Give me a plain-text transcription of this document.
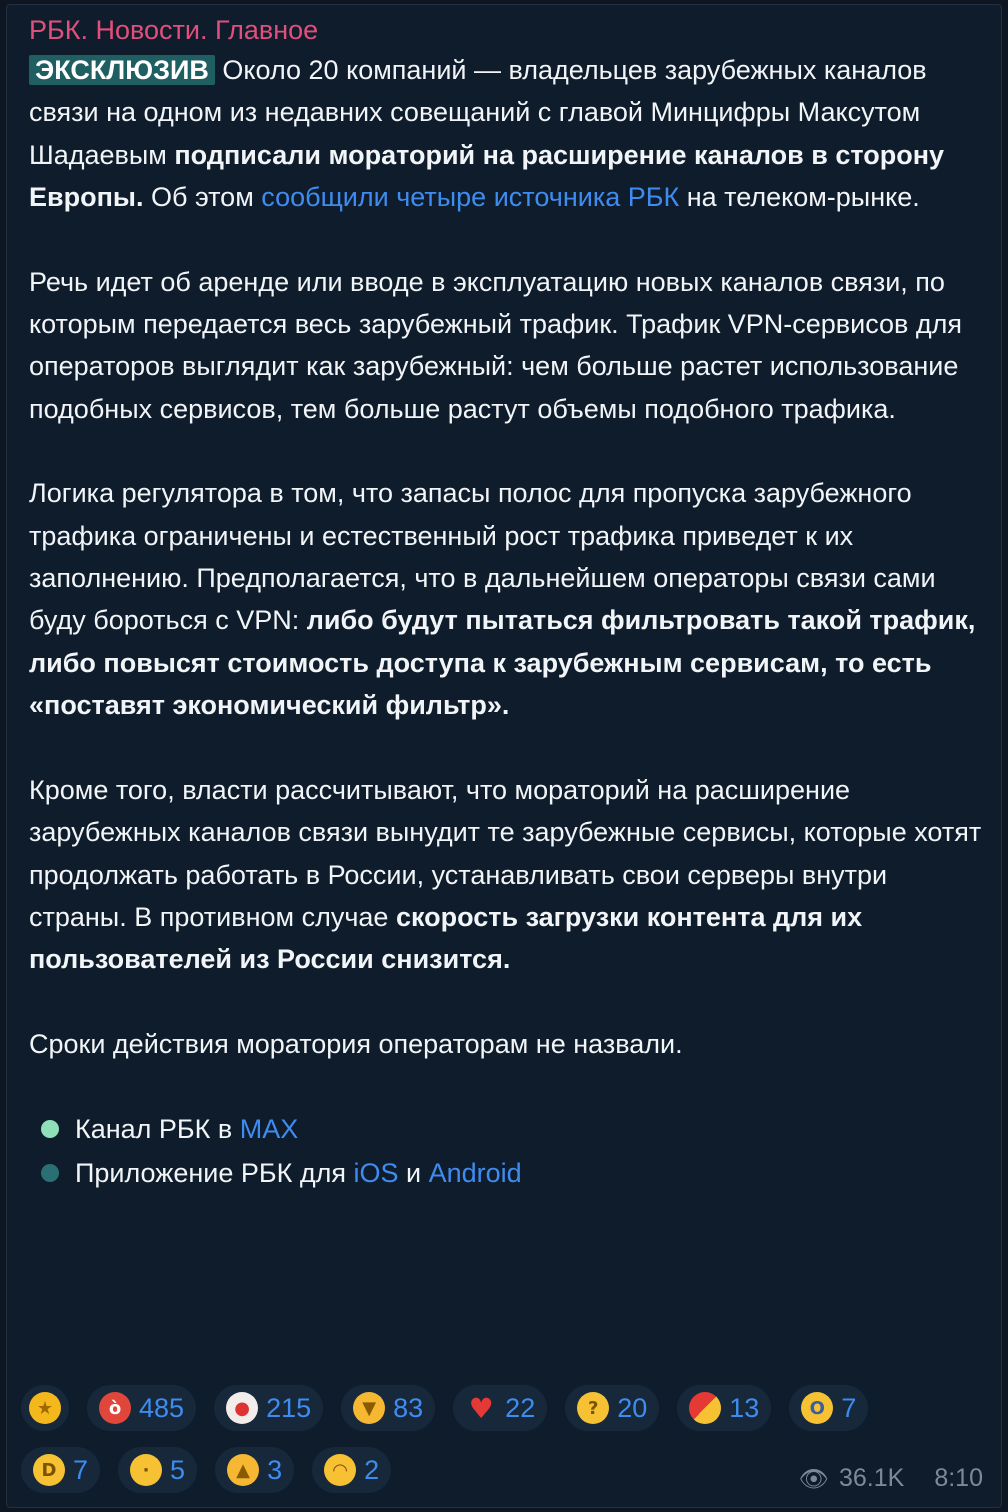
РБК. Новости. Главное

ЭКСКЛЮЗИВ Около 20 компаний — владельцев зарубежных каналов связи на одном из недавних совещаний с главой Минцифры Максутом Шадаевым подписали мораторий на расширение каналов в сторону Европы. Об этом сообщили четыре источника РБК на телеком-рынке.

Речь идет об аренде или вводе в эксплуатацию новых каналов связи, по которым передается весь зарубежный трафик. Трафик VPN-сервисов для операторов выглядит как зарубежный: чем больше растет использование подобных сервисов, тем больше растут объемы подобного трафика.

Логика регулятора в том, что запасы полос для пропуска зарубежного трафика ограничены и естественный рост трафика приведет к их заполнению. Предполагается, что в дальнейшем операторы связи сами буду бороться с VPN: либо будут пытаться фильтровать такой трафик, либо повысят стоимость доступа к зарубежным сервисам, то есть «поставят экономический фильтр».

Кроме того, власти рассчитывают, что мораторий на расширение зарубежных каналов связи вынудит те зарубежные сервисы, которые хотят продолжать работать в России, устанавливать свои серверы внутри страны. В противном случае скорость загрузки контента для их пользователей из России снизится.

Сроки действия моратория операторам не назвали.

Канал РБК в
MAX
Приложение РБК для
iOS и Android
★	ò 485	● 215	▼ 83 ♥ 22	? 20	13	O 7
D 7	· 5	▲ 3	◠ 2	👁 36.1K 8:10
